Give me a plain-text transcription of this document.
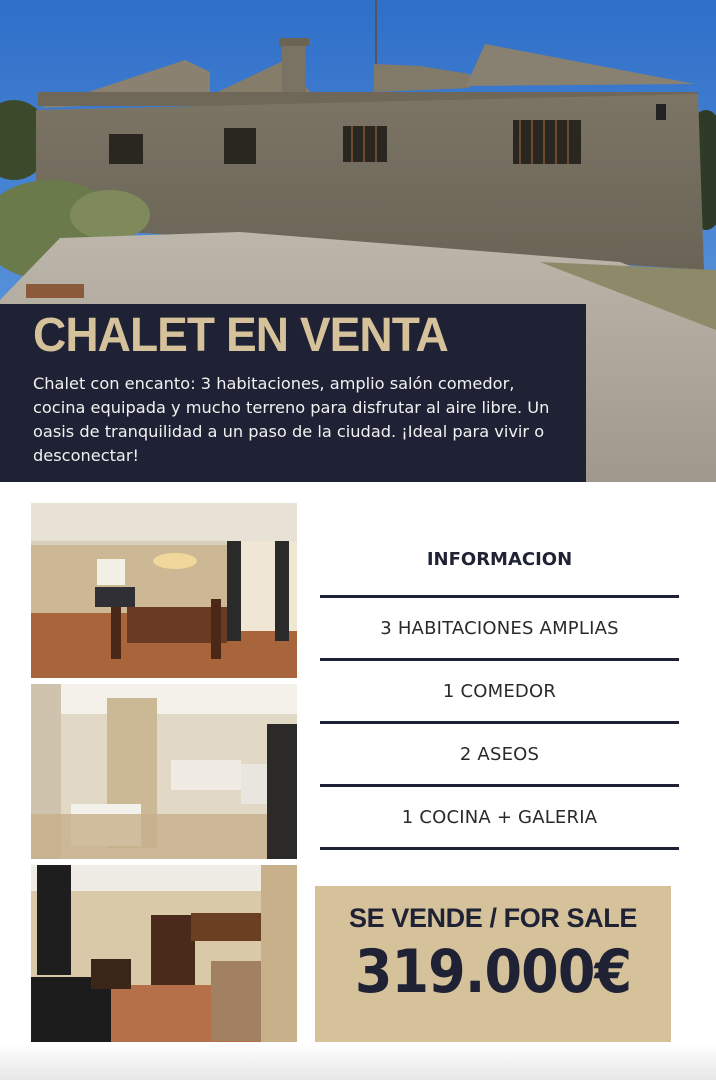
CHALET EN VENTA

Chalet con encanto: 3 habitaciones, amplio salón comedor, cocina equipada y mucho terreno para disfrutar al aire libre. Un oasis de tranquilidad a un paso de la ciudad. ¡Ideal para vivir o desconectar!

INFORMACION
3 HABITACIONES AMPLIAS
1 COMEDOR
2 ASEOS
1 COCINA + GALERIA
SE VENDE / FOR SALE
319.000€
